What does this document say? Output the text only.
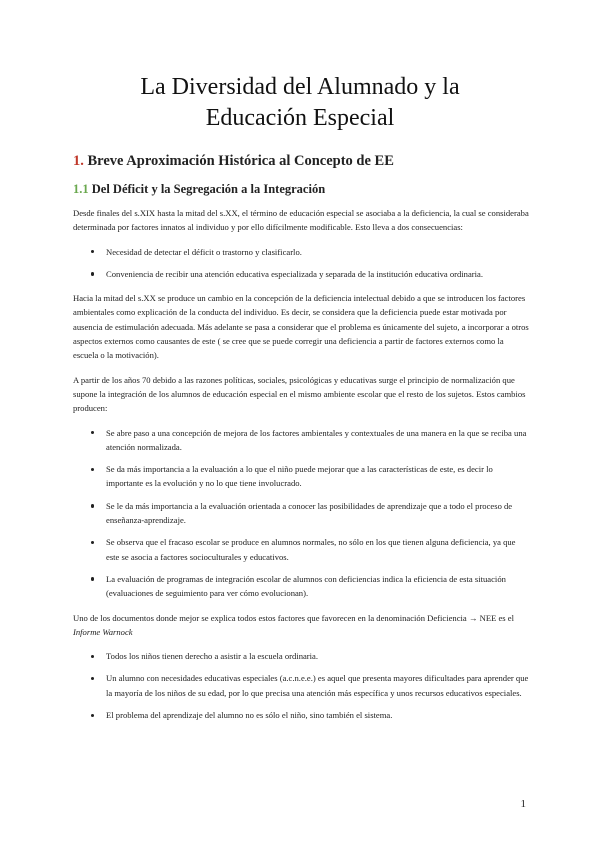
La Diversidad del Alumnado y la
Educación Especial
1. Breve Aproximación Histórica al Concepto de EE
1.1 Del Déficit y la Segregación a la Integración

Desde finales del s.XIX hasta la mitad del s.XX, el término de educación especial se asociaba a la deficiencia, la cual se consideraba determinada por factores innatos al individuo y por ello difícilmente modificable. Esto lleva a dos consecuencias:

Necesidad de detectar el déficit o trastorno y clasificarlo.
Conveniencia de recibir una atención educativa especializada y separada de la institución educativa ordinaria.

Hacia la mitad del s.XX se produce un cambio en la concepción de la deficiencia intelectual debido a que se introducen los factores ambientales como explicación de la conducta del individuo. Es decir, se considera que la deficiencia puede estar motivada por ausencia de estimulación adecuada. Más adelante se pasa a considerar que el problema es únicamente del sujeto, a incorporar a otros aspectos externos como causantes de este ( se cree que se puede corregir una deficiencia a partir de factores externos como la escuela o la motivación).

A partir de los años 70 debido a las razones políticas, sociales, psicológicas y educativas surge el principio de normalización que supone la integración de los alumnos de educación especial en el mismo ambiente escolar que el resto de los sujetos. Estos cambios producen:

Se abre paso a una concepción de mejora de los factores ambientales y contextuales de una manera en la que se reciba una atención normalizada.
Se da más importancia a la evaluación a lo que el niño puede mejorar que a las características de este, es decir lo importante es la evolución y no lo que tiene involucrado.
Se le da más importancia a la evaluación orientada a conocer las posibilidades de aprendizaje que a todo el proceso de enseñanza-aprendizaje.
Se observa que el fracaso escolar se produce en alumnos normales, no sólo en los que tienen alguna deficiencia, ya que este se asocia a factores socioculturales y educativos.
La evaluación de programas de integración escolar de alumnos con deficiencias indica la eficiencia de esta situación (evaluaciones de seguimiento para ver cómo evolucionan).

Uno de los documentos donde mejor se explica todos estos factores que favorecen en la denominación Deficiencia → NEE es el Informe Warnock

Todos los niños tienen derecho a asistir a la escuela ordinaria.
Un alumno con necesidades educativas especiales (a.c.n.e.e.) es aquel que presenta mayores dificultades para aprender que la mayoría de los niños de su edad, por lo que precisa una atención más específica y unos recursos educativos especiales.
El problema del aprendizaje del alumno no es sólo el niño, sino también el sistema.
1
